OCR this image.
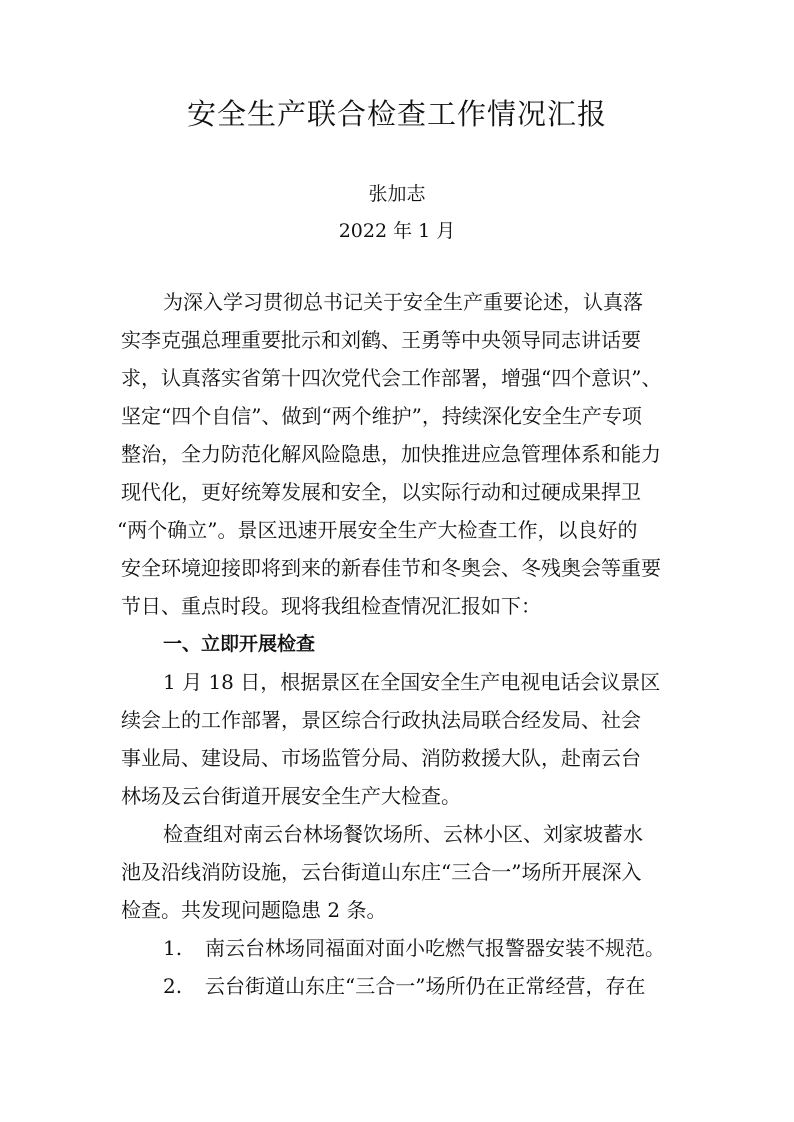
安全生产联合检查工作情况汇报
张加志
2022 年 1 月
为深入学习贯彻总书记关于安全生产重要论述，认真落
实李克强总理重要批示和刘鹤、王勇等中央领导同志讲话要
求，认真落实省第十四次党代会工作部署，增强“四个意识”、
坚定“四个自信”、做到“两个维护”，持续深化安全生产专项
整治，全力防范化解风险隐患，加快推进应急管理体系和能力
现代化，更好统筹发展和安全，以实际行动和过硬成果捍卫
“两个确立”。景区迅速开展安全生产大检查工作，以良好的
安全环境迎接即将到来的新春佳节和冬奥会、冬残奥会等重要
节日、重点时段。现将我组检查情况汇报如下：
一、立即开展检查
1 月 18 日，根据景区在全国安全生产电视电话会议景区
续会上的工作部署，景区综合行政执法局联合经发局、社会
事业局、建设局、市场监管分局、消防救援大队，赴南云台
林场及云台街道开展安全生产大检查。
检查组对南云台林场餐饮场所、云林小区、刘家坡蓄水
池及沿线消防设施，云台街道山东庄“三合一”场所开展深入
检查。共发现问题隐患 2 条。
1. 南云台林场同福面对面小吃燃气报警器安装不规范。
2. 云台街道山东庄“三合一”场所仍在正常经营，存在
